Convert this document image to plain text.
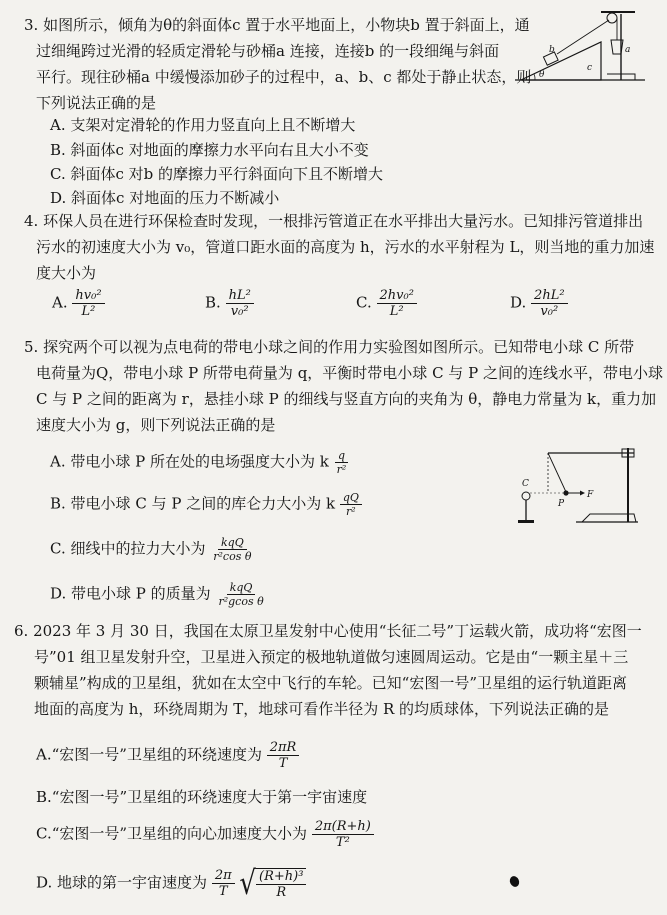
3. 如图所示，倾角为θ的斜面体c 置于水平地面上，小物块b 置于斜面上，通
过细绳跨过光滑的轻质定滑轮与砂桶a 连接，连接b 的一段细绳与斜面
平行。现往砂桶a 中缓慢添加砂子的过程中，a、b、c 都处于静止状态，则
下列说法正确的是
A. 支架对定滑轮的作用力竖直向上且不断增大
B. 斜面体c 对地面的摩擦力水平向右且大小不变
C. 斜面体c 对b 的摩擦力平行斜面向下且不断增大
D. 斜面体c 对地面的压力不断减小
b
c
a
θ
4. 环保人员在进行环保检查时发现，一根排污管道正在水平排出大量污水。已知排污管道排出
污水的初速度大小为 v₀，管道口距水面的高度为 h，污水的水平射程为 L，则当地的重力加速
度大小为
A. $\frac{\text{hv₀²}}{\text{L²}}$	B. $\frac{\text{hL²}}{\text{v₀²}}$	C. $\frac{\text{2hv₀²}}{\text{L²}}$	D. $\frac{\text{2hL²}}{\text{v₀²}}$
5. 探究两个可以视为点电荷的带电小球之间的作用力实验图如图所示。已知带电小球 C 所带
电荷量为Q，带电小球 P 所带电荷量为 q，平衡时带电小球 C 与 P 之间的连线水平，带电小球
C 与 P 之间的距离为 r，悬挂小球 P 的细线与竖直方向的夹角为 θ，静电力常量为 k，重力加
速度大小为 g，则下列说法正确的是
A. 带电小球 P 所在处的电场强度大小为 k $\frac{q}{\text{r²}}$
B. 带电小球 C 与 P 之间的库仑力大小为 k $\frac{qQ}{\text{r²}}$
C. 细线中的拉力大小为 $\frac{\text{kqQ}}{\text{r²cos θ}}$
D. 带电小球 P 的质量为 $\frac{\text{kqQ}}{\text{r²gcos θ}}$
C
P
F
6. 2023 年 3 月 30 日，我国在太原卫星发射中心使用“长征二号”丁运载火箭，成功将“宏图一
号”01 组卫星发射升空，卫星进入预定的极地轨道做匀速圆周运动。它是由“一颗主星＋三
颗辅星”构成的卫星组，犹如在太空中飞行的车轮。已知“宏图一号”卫星组的运行轨道距离
地面的高度为 h，环绕周期为 T，地球可看作半径为 R 的均质球体，下列说法正确的是
A.“宏图一号”卫星组的环绕速度为 $\frac{2\pi R}{T}$
B.“宏图一号”卫星组的环绕速度大于第一宇宙速度
C.“宏图一号”卫星组的向心加速度大小为 $\frac{2\pi(R+h)}{\text{T²}}$
D. 地球的第一宇宙速度为 $\frac{2\pi}{T}$
√ $\frac{\text{(R+h)³}}{R}$
